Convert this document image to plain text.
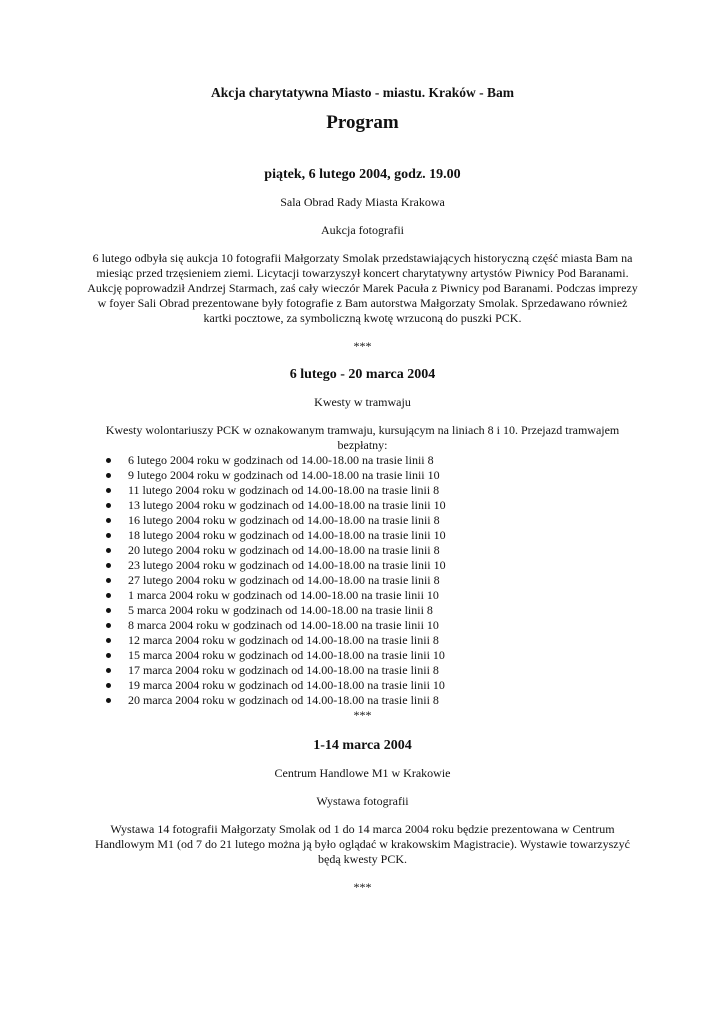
Akcja charytatywna Miasto - miastu. Kraków - Bam

Program

piątek, 6 lutego 2004, godz. 19.00

Sala Obrad Rady Miasta Krakowa

Aukcja fotografii

6 lutego odbyła się aukcja 10 fotografii Małgorzaty Smolak przedstawiających historyczną część miasta Bam na miesiąc przed trzęsieniem ziemi. Licytacji towarzyszył koncert charytatywny artystów Piwnicy Pod Baranami. Aukcję poprowadził Andrzej Starmach, zaś cały wieczór Marek Pacuła z Piwnicy pod Baranami. Podczas imprezy w foyer Sali Obrad prezentowane były fotografie z Bam autorstwa Małgorzaty Smolak. Sprzedawano również kartki pocztowe, za symboliczną kwotę wrzuconą do puszki PCK.

***

6 lutego - 20 marca 2004

Kwesty w tramwaju

Kwesty wolontariuszy PCK w oznakowanym tramwaju, kursującym na liniach 8 i 10. Przejazd tramwajem bezpłatny:

6 lutego 2004 roku w godzinach od 14.00-18.00 na trasie linii 8
9 lutego 2004 roku w godzinach od 14.00-18.00 na trasie linii 10
11 lutego 2004 roku w godzinach od 14.00-18.00 na trasie linii 8
13 lutego 2004 roku w godzinach od 14.00-18.00 na trasie linii 10
16 lutego 2004 roku w godzinach od 14.00-18.00 na trasie linii 8
18 lutego 2004 roku w godzinach od 14.00-18.00 na trasie linii 10
20 lutego 2004 roku w godzinach od 14.00-18.00 na trasie linii 8
23 lutego 2004 roku w godzinach od 14.00-18.00 na trasie linii 10
27 lutego 2004 roku w godzinach od 14.00-18.00 na trasie linii 8
1 marca 2004 roku w godzinach od 14.00-18.00 na trasie linii 10
5 marca 2004 roku w godzinach od 14.00-18.00 na trasie linii 8
8 marca 2004 roku w godzinach od 14.00-18.00 na trasie linii 10
12 marca 2004 roku w godzinach od 14.00-18.00 na trasie linii 8
15 marca 2004 roku w godzinach od 14.00-18.00 na trasie linii 10
17 marca 2004 roku w godzinach od 14.00-18.00 na trasie linii 8
19 marca 2004 roku w godzinach od 14.00-18.00 na trasie linii 10
20 marca 2004 roku w godzinach od 14.00-18.00 na trasie linii 8

***

1-14 marca 2004

Centrum Handlowe M1 w Krakowie

Wystawa fotografii

Wystawa 14 fotografii Małgorzaty Smolak od 1 do 14 marca 2004 roku będzie prezentowana w Centrum Handlowym M1 (od 7 do 21 lutego można ją było oglądać w krakowskim Magistracie). Wystawie towarzyszyć będą kwesty PCK.

***
